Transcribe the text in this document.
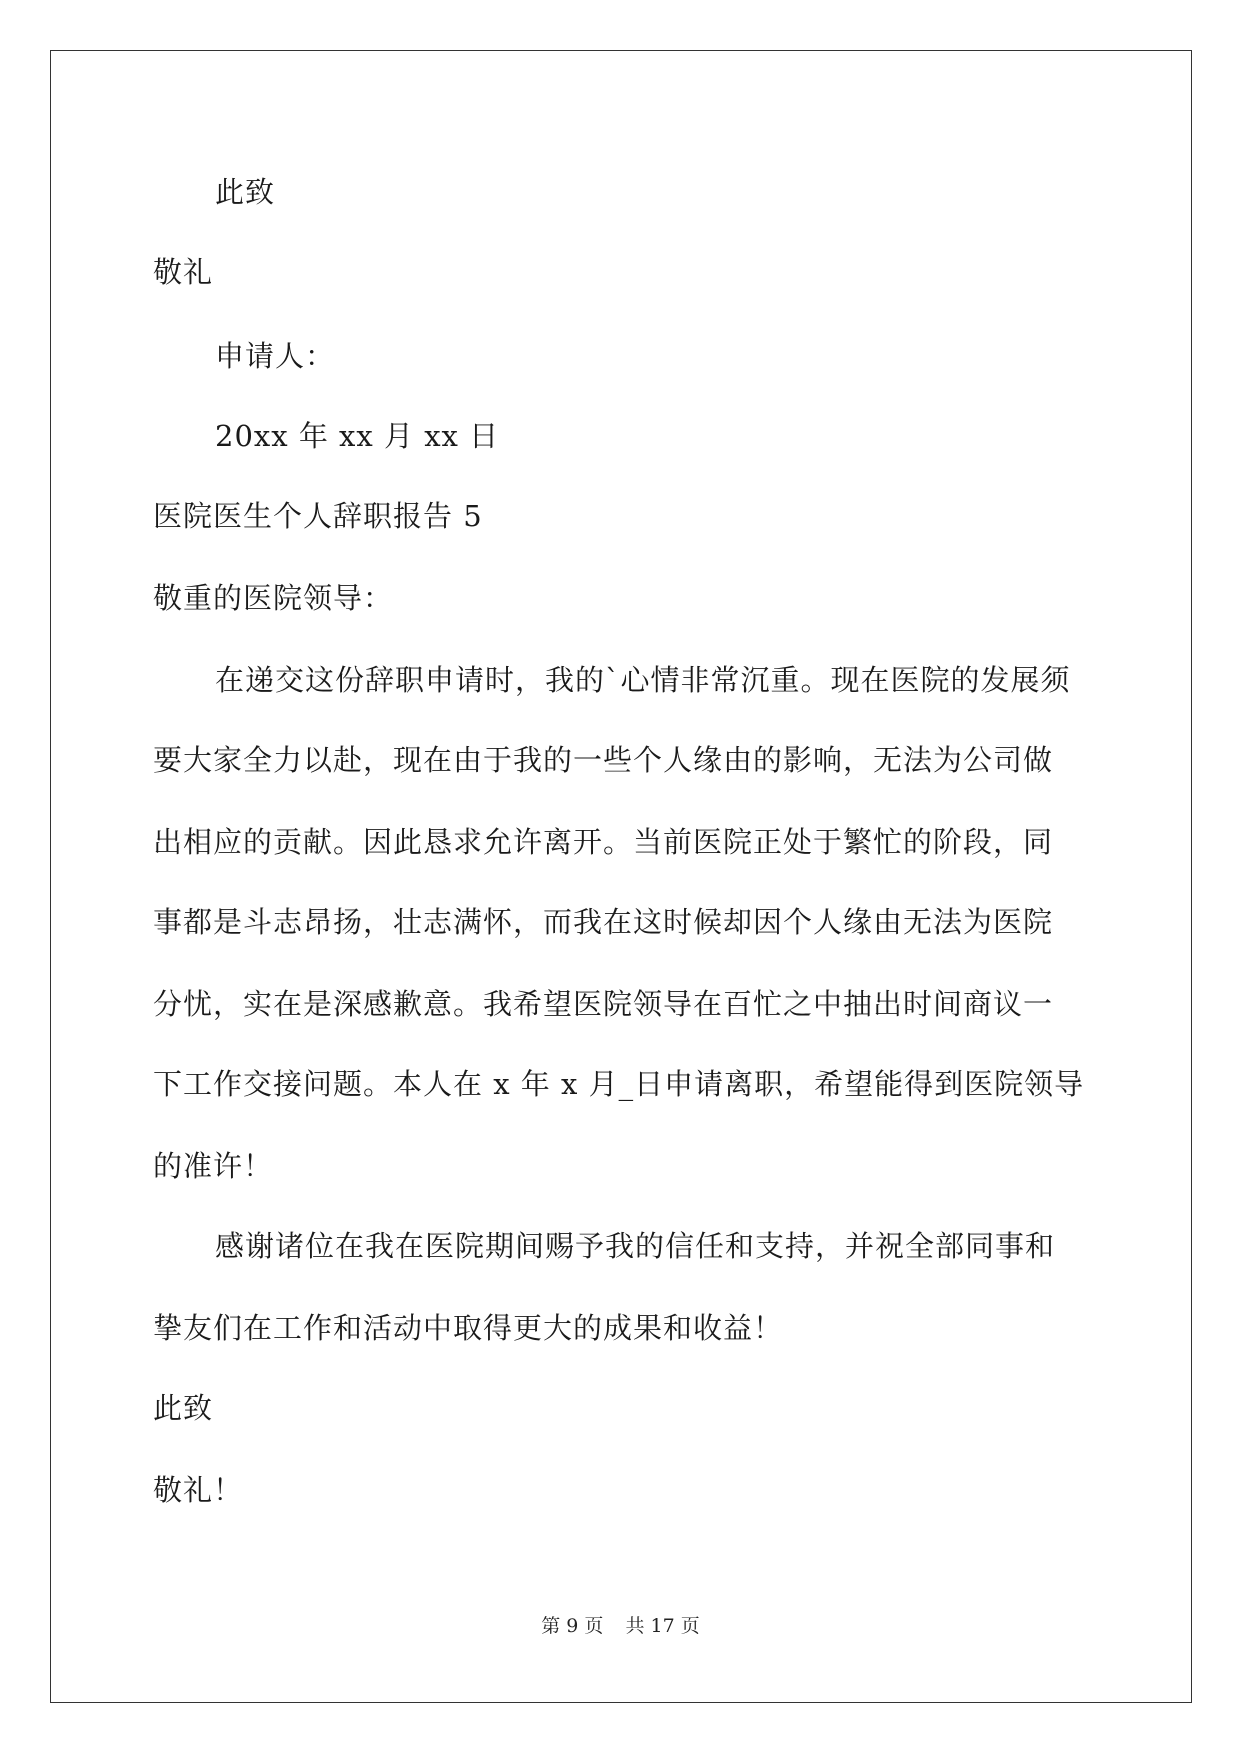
此致
敬礼
申请人：
20xx 年 xx 月 xx 日
医院医生个人辞职报告 5
敬重的医院领导：
在递交这份辞职申请时，我的`心情非常沉重。现在医院的发展须
要大家全力以赴，现在由于我的一些个人缘由的影响，无法为公司做
出相应的贡献。因此恳求允许离开。当前医院正处于繁忙的阶段，同
事都是斗志昂扬，壮志满怀，而我在这时候却因个人缘由无法为医院
分忧，实在是深感歉意。我希望医院领导在百忙之中抽出时间商议一
下工作交接问题。本人在 x 年 x 月_日申请离职，希望能得到医院领导
的准许！
感谢诸位在我在医院期间赐予我的信任和支持，并祝全部同事和
挚友们在工作和活动中取得更大的成果和收益！
此致
敬礼！
第 9 页 共 17 页
